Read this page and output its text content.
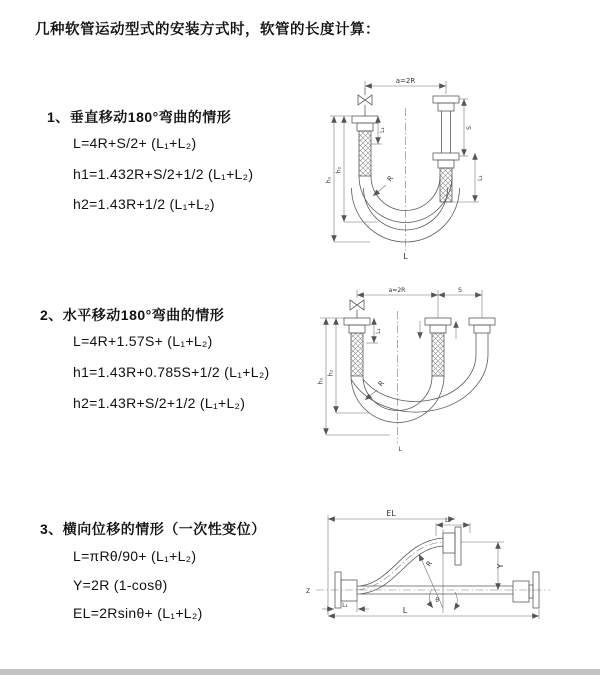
几种软管运动型式的安装方式时，软管的长度计算：
1、垂直移动180°弯曲的情形
L=4R+S/2+ (L₁+L₂)
h1=1.432R+S/2+1/2 (L₁+L₂)
h2=1.43R+1/2 (L₁+L₂)
2、水平移动180°弯曲的情形
L=4R+1.57S+ (L₁+L₂)
h1=1.43R+0.785S+1/2 (L₁+L₂)
h2=1.43R+S/2+1/2 (L₁+L₂)
3、横向位移的情形（一次性变位）
L=πRθ/90+ (L₁+L₂)
Y=2R (1-cosθ)
EL=2Rsinθ+ (L₁+L₂)
a=2R
h₁
h₂
L₁	S
L₁
R
L
a=2R	S
h₁
h₂
L₁
R
L
EL
L₂
Z
Y
L
L₁
θ
R
